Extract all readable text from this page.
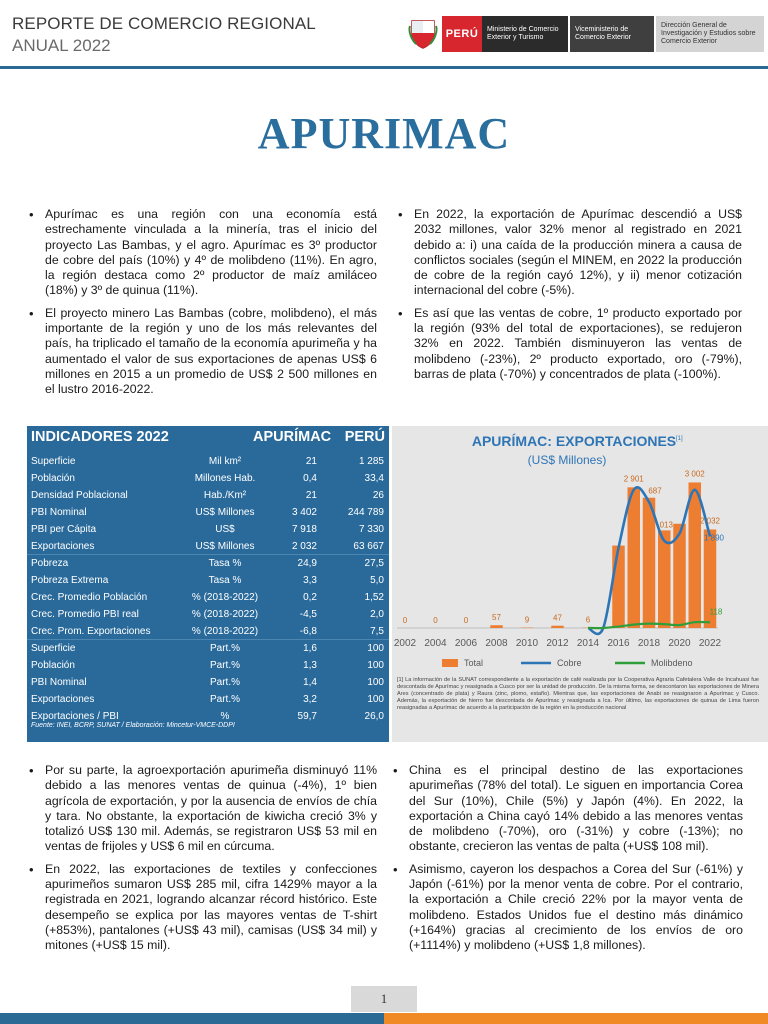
REPORTE DE COMERCIO REGIONAL
ANUAL 2022
PERÚ	Ministerio de Comercio Exterior y Turismo
Viceministerio de Comercio Exterior
Dirección General de Investigación y Estudios sobre Comercio Exterior
APURIMAC
• Apurímac es una región con una economía está estrechamente vinculada a la minería, tras el inicio del proyecto Las Bambas, y el agro. Apurímac es 3º productor de cobre del país (10%) y 4º de molibdeno (11%). En agro, la región destaca como 2º productor de maíz amiláceo (18%) y 3º de quinua (11%).
• El proyecto minero Las Bambas (cobre, molibdeno), el más importante de la región y uno de los más relevantes del país, ha triplicado el tamaño de la economía apurimeña y ha aumentado el valor de sus exportaciones de apenas US$ 6 millones en 2015 a un promedio de US$ 2 500 millones en el lustro 2016-2022.
• En 2022, la exportación de Apurímac descendió a US$ 2032 millones, valor 32% menor al registrado en 2021 debido a: i) una caída de la producción minera a causa de conflictos sociales (según el MINEM, en 2022 la producción de cobre de la región cayó 12%), y ii) menor cotización internacional del cobre (-5%).
• Es así que las ventas de cobre, 1º producto exportado por la región (93% del total de exportaciones), se redujeron 32% en 2022. También disminuyeron las ventas de molibdeno (-23%), 2º producto exportado, oro (-79%), barras de plata (-70%) y concentrados de plata (-100%).
INDICADORES 2022	APURÍMAC PERÚ
Superficie	Mil km²	21	1 285
Población	Millones Hab.	0,4	33,4
Densidad Poblacional	Hab./Km²	21	26
PBI Nominal	US$ Millones	3 402	244 789
PBI per Cápita	US$	7 918	7 330
Exportaciones	US$ Millones	2 032	63 667
Pobreza	Tasa %	24,9	27,5
Pobreza Extrema	Tasa %	3,3	5,0
Crec. Promedio Población	% (2018-2022)	0,2	1,52
Crec. Promedio PBI real	% (2018-2022)	-4,5	2,0
Crec. Prom. Exportaciones	% (2018-2022)	-6,8	7,5
Superficie	Part.%	1,6	100
Población	Part.%	1,3	100
PBI Nominal	Part.%	1,4	100
Exportaciones	Part.%	3,2	100
Exportaciones / PBI	%	59,7	26,0
Fuente: INEI, BCRP, SUNAT / Elaboración: Mincetur-VMCE-DDPI
APURÍMAC: EXPORTACIONES [1]
(US$ Millones)
0	0	0	57	9	47	6
2 901
687
013
3 002
2 032
1 890
118
2002 2004 2006 2008 2010 2012 2014 2016 2018 2020 2022
Total	Cobre	Molibdeno
[1] La información de la SUNAT correspondiente a la exportación de café realizada por la Cooperativa Agraria Cafetalera Valle de Incahuasi fue descontada de Apurímac y reasignada a Cusco por ser la unidad de producción. De la misma forma, se descontaron las exportaciones de Minera Ares (concentrado de plata) y Raura (zinc, plomo, estaño). Mientras que, las exportaciones de Anabi se reasignaron a Apurímac y Cusco. Además, la exportación de hierro fue descontada de Apurímac y reasignada a Ica. Por último, las exportaciones de quinua de Lima fueron reasignadas a Apurímac de acuerdo a la participación de la región en la producción nacional
• Por su parte, la agroexportación apurimeña disminuyó 11% debido a las menores ventas de quinua (-4%), 1º bien agrícola de exportación, y por la ausencia de envíos de chía y tara. No obstante, la exportación de kiwicha creció 3% y totalizó US$ 130 mil. Además, se registraron US$ 53 mil en ventas de frijoles y US$ 6 mil en cúrcuma.
• En 2022, las exportaciones de textiles y confecciones apurimeños sumaron US$ 285 mil, cifra 1429% mayor a la registrada en 2021, logrando alcanzar récord histórico. Este desempeño se explica por las mayores ventas de T-shirt (+853%), pantalones (+US$ 43 mil), camisas (US$ 34 mil) y mitones (+US$ 15 mil).
• China es el principal destino de las exportaciones apurimeñas (78% del total). Le siguen en importancia Corea del Sur (10%), Chile (5%) y Japón (4%). En 2022, la exportación a China cayó 14% debido a las menores ventas de molibdeno (-70%), oro (-31%) y cobre (-13%); no obstante, crecieron las ventas de palta (+US$ 108 mil).
• Asimismo, cayeron los despachos a Corea del Sur (-61%) y Japón (-61%) por la menor venta de cobre. Por el contrario, la exportación a Chile creció 22% por la mayor venta de molibdeno. Estados Unidos fue el destino más dinámico (+164%) gracias al crecimiento de los envíos de oro (+1114%) y molibdeno (+US$ 1,8 millones).
1
